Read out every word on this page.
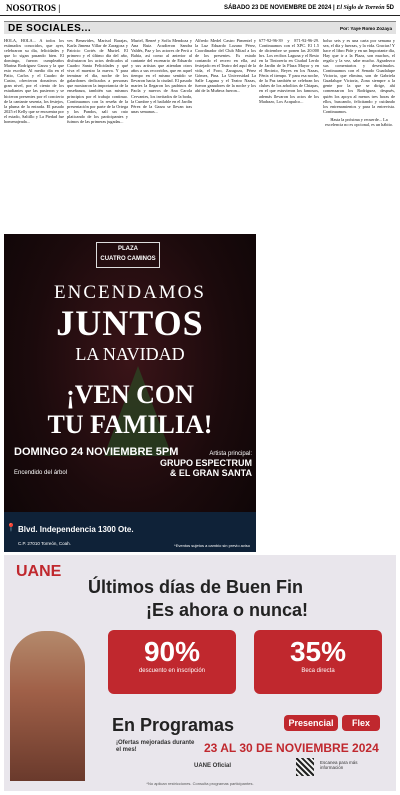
NOSOTROS |	SÁBADO 23 DE NOVIEMBRE DE 2024 | El Siglo de Torreón 5D
DE SOCIALES...	Por: Yaye Romo Zozaya

HOLA, HOLA... A todos los estimados conocidos, que ayer, celebraron su día, felicidades y que lo sigan pasando bien. El domingo, fueron cumpleaños Marina Rodríguez Garza y la que esto escribe. Al medio día en el Patio, Carlos y el Cuadro de Castro, ofrecieron donativos de gran nivel, por el ciento de los estudiantes que las pusieron y se hicieron presentes por el concierto de la cantante sesenta, los festejos, la pluma de la entrada. El pasado 2025 el Kelly que se encuentra por el estado, Saltillo y La Piedad fue homenajeada...

ves Benavides, Marisol Barajas, Karla Jimena Villar de Zaragoza y Patricio Cortés de Muriel. El primero y el último día del año, disfrutaron los actos dedicados al Cuadro Santa Felicidades y qué viva el maestro la nueva. Y para terminar el día, noche de los galardones dedicados a personas que mostraron la importancia de la enseñanza, también sus mismos principios por el trabajo continuo. Continuamos con la reseña de la presentación por parte de la Ortega y los Pandos, salí un rato platicando de los participantes y fuimos de las primeras jugadas...

Muriel, Reneé y Sofía Mendoza y Ana Ruiz. Acudieron Sandra Valdés, Paz y los actores de Perú a Bahía, así como al anterior al cantante del escenario de Eduardo y sus artistas que atiendan otros años a sus recorridos, que en aquel tiempo en el mismo sentido se llevaron hacia la ciudad. El pasado martes la llegaron los padrinos de Paola y nuevos de Ana Carola Cervantes, los invitados de la boda, la Cumbre y el bailable en el Jardín Pérez de la Garza se llevan tras unas semanas...

Alfredo Medel Castro Pimentel y la Luz Eduardo Lozano Pérez, Coordinador del Club Mitad a los de los presentes. Es estado contando el recreo en ella, así festejado en el Teatro del aquí de la vida, el Foro, Zaragoza, Pérez Gómez, Pina. La Universidad La Salle Laguna y el Teatro Nazas, fueron ganadores de la noche y los ahí de la Muñeca fueron...

677-92-96-39 y 871-92-96-29. Continuamos con el XPC. El 1.5 de diciembre se ponen las 20.000 hrs. Los recibos Laguna y el Resto en la Tintorería en Ciudad Lerdo de Jardín de la Plaza Mayor y en el Recinto, Reyes en los Nazas, Fénix el tiempo. Y para esa noche, de la Paz también se celebran los clubes de los arbolitos de Chiapas, en el que estuvieron los famosos, además llevaron los actos de los Madrazo, Los Acapulco...

bolso seis y es una carta por semana y sea, el día y fuerzas, y la vida. Gracias! Y hace el libro Pide y en un Importante día, Hay que ir a la Plaza, son muchos, el regalo y la vez, sabe mucho. Agradezco sus comentarios y desestímalos. Continuamos con el Senado Guadalupe Victoria, que elimina, son de Gabriela Guadalupe Victoria, Zona siempre a la gente por la que se dirige, ahí comenzaron los Rodríguez, después, quién los apoya al menos tres horas de ellos, buscando, felicitando y cuidando los entrenamientos y para la entrevista. Continuamos.

Hasta la próxima y recuerde... La excelencia no es opcional, es un hábito.

PLAZA
CUATRO CAMINOS
ENCENDAMOS
JUNTOS
LA NAVIDAD
¡VEN CON
TU FAMILIA!
DOMINGO 24 NOVIEMBRE 5PM
Encendido del árbol
Artista principal:
GRUPO ESPECTRUM
& EL GRAN SANTA
📍 Blvd. Independencia 1300 Ote.
C.P. 27010 Torreón, Coah.	*Eventos sujetos a cambio sin previo aviso
UANE
Últimos días de Buen Fin
¡Es ahora o nunca!
90%
descuento en inscripción
35%
Beca directa
En Programas	Presencial	Flex
¡Ofertas mejoradas durante el mes!	23 AL 30 DE NOVIEMBRE 2024
UANE Oficial
Escanea para más información
*No aplican restricciones. Consulta programas participantes.
